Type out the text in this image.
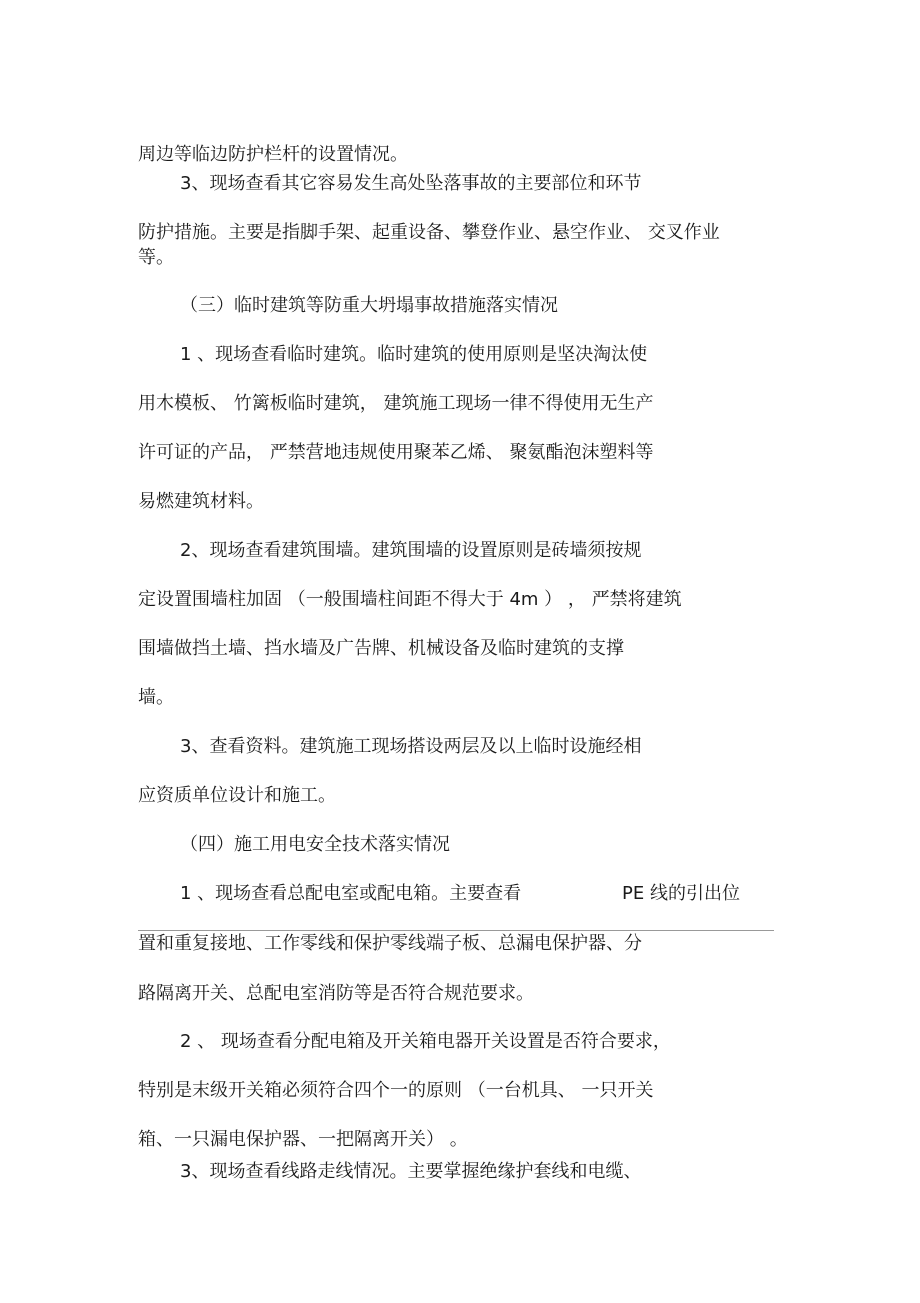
周边等临边防护栏杆的设置情况。
3、现场查看其它容易发生高处坠落事故的主要部位和环节
防护措施。主要是指脚手架、起重设备、攀登作业、悬空作业、 交叉作业
等。
（三）临时建筑等防重大坍塌事故措施落实情况
1 、现场查看临时建筑。临时建筑的使用原则是坚决淘汰使
用木模板、 竹篱板临时建筑， 建筑施工现场一律不得使用无生产
许可证的产品， 严禁营地违规使用聚苯乙烯、 聚氨酯泡沫塑料等
易燃建筑材料。
2、现场查看建筑围墙。建筑围墙的设置原则是砖墙须按规
定设置围墙柱加固 （一般围墙柱间距不得大于 4m ） ， 严禁将建筑
围墙做挡土墙、挡水墙及广告牌、机械设备及临时建筑的支撑
墙。
3、查看资料。建筑施工现场搭设两层及以上临时设施经相
应资质单位设计和施工。
（四）施工用电安全技术落实情况
1 、现场查看总配电室或配电箱。主要查看	PE 线的引出位
置和重复接地、工作零线和保护零线端子板、总漏电保护器、分
路隔离开关、总配电室消防等是否符合规范要求。
2 、 现场查看分配电箱及开关箱电器开关设置是否符合要求，
特别是末级开关箱必须符合四个一的原则 （一台机具、 一只开关
箱、一只漏电保护器、一把隔离开关） 。
3、现场查看线路走线情况。主要掌握绝缘护套线和电缆、
